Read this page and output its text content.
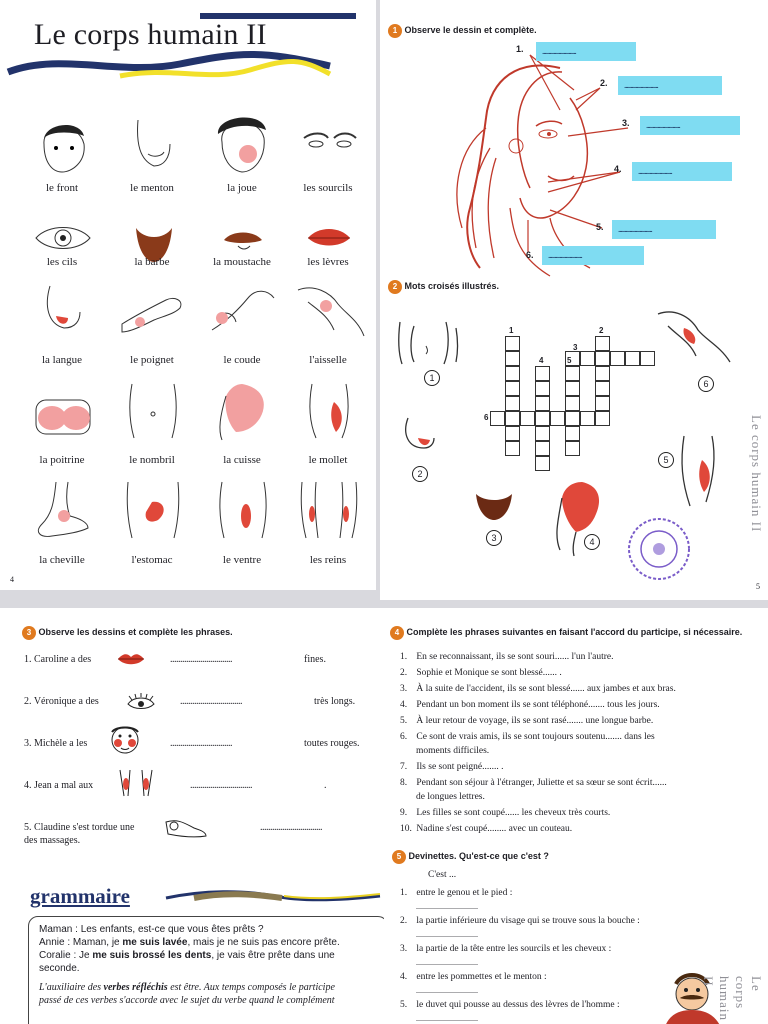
Le corps humain II
le front	le menton	la joue	les sourcils
les cils	la barbe	la moustache	les lèvres
la langue	le poignet	le coude	l'aisselle
la poitrine	le nombril	la cuisse	le mollet
la cheville	l'estomac	le ventre	les reins
4
1 Observe le dessin et complète.
...........................
1.
...........................
2.
...........................
3.
...........................
4.
...........................
5.
...........................
6.
2 Mots croisés illustrés.
1	2
3
4	5
6
1
2
3	4
5
6
Le corps humain II
5
3 Observe les dessins et complète les phrases.
1. Caroline a des	...............................	fines.
2. Véronique a des	...............................	très longs.
3. Michèle a les	...............................	toutes rouges.
4. Jean a mal aux	...............................	.
5. Claudine s'est tordue une	...............................
des massages.
grammaire
Maman : Les enfants, est-ce que vous êtes prêts ?
Annie : Maman, je me suis lavée, mais je ne suis pas encore prête.
Coralie : Je me suis brossé les dents, je vais être prête dans une
seconde.
L'auxiliaire des verbes réfléchis est être. Aux temps composés le participe
passé de ces verbes s'accorde avec le sujet du verbe quand le complément
4 Complète les phrases suivantes en faisant l'accord du participe, si nécessaire.
1. En se reconnaissant, ils se sont souri...... l'un l'autre.
2. Sophie et Monique se sont blessé...... .
3. À la suite de l'accident, ils se sont blessé...... aux jambes et aux bras.
4. Pendant un bon moment ils se sont téléphoné....... tous les jours.
5. À leur retour de voyage, ils se sont rasé....... une longue barbe.
6. Ce sont de vrais amis, ils se sont toujours soutenu....... dans les
moments difficiles.
7. Ils se sont peigné....... .
8. Pendant son séjour à l'étranger, Juliette et sa sœur se sont écrit......
de longues lettres.
9. Les filles se sont coupé...... les cheveux très courts.
10. Nadine s'est coupé........ avec un couteau.
5 Devinettes. Qu'est-ce que c'est ?
C'est ...
1. entre le genou et le pied :
...............................
2. la partie inférieure du visage qui se trouve sous la bouche :
...............................
3. la partie de la tête entre les sourcils et les cheveux :
...............................
4. entre les pommettes et le menton :
...............................
5. le duvet qui pousse au dessus des lèvres de l'homme :
...............................
Le corps humain II
